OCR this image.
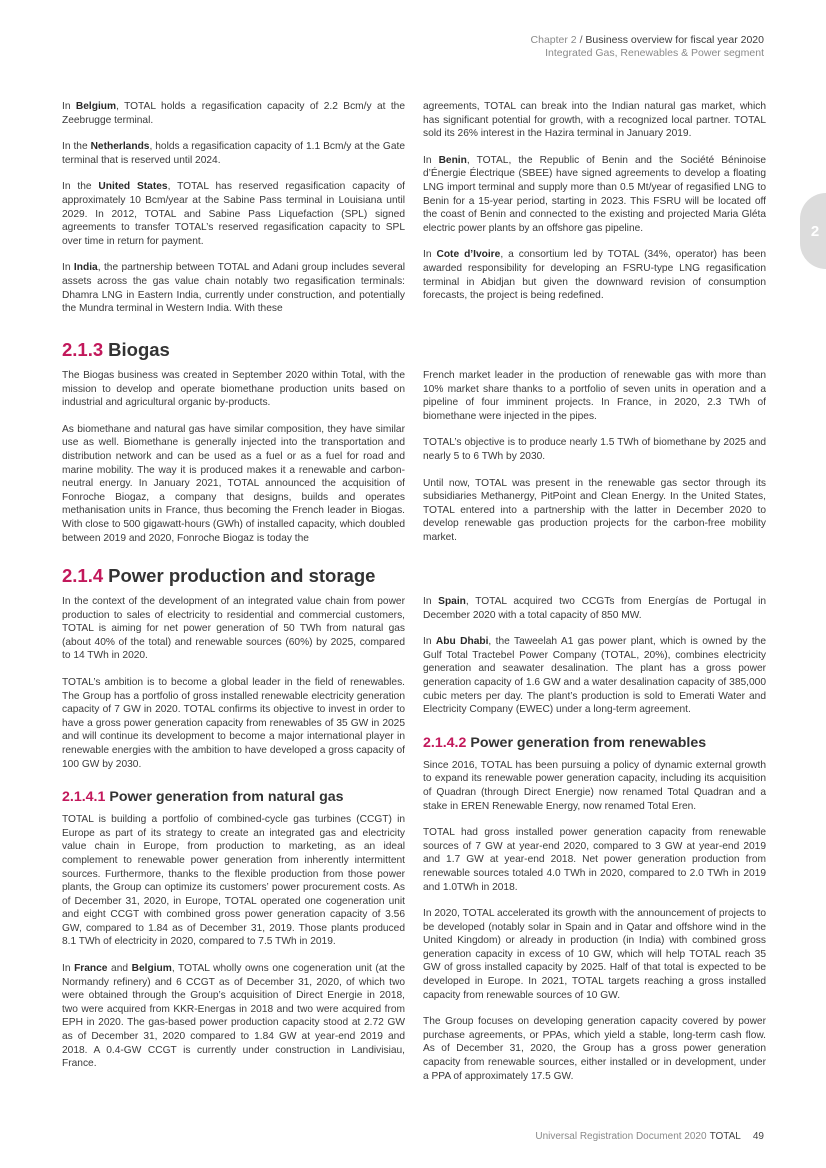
Chapter 2 / Business overview for fiscal year 2020
Integrated Gas, Renewables & Power segment
2

In Belgium, TOTAL holds a regasification capacity of 2.2 Bcm/y at the Zeebrugge terminal.

In the Netherlands, holds a regasification capacity of 1.1 Bcm/y at the Gate terminal that is reserved until 2024.

In the United States, TOTAL has reserved regasification capacity of approximately 10 Bcm/year at the Sabine Pass terminal in Louisiana until 2029. In 2012, TOTAL and Sabine Pass Liquefaction (SPL) signed agreements to transfer TOTAL’s reserved regasification capacity to SPL over time in return for payment.

In India, the partnership between TOTAL and Adani group includes several assets across the gas value chain notably two regasification terminals: Dhamra LNG in Eastern India, currently under construction, and potentially the Mundra terminal in Western India. With these

agreements, TOTAL can break into the Indian natural gas market, which has significant potential for growth, with a recognized local partner. TOTAL sold its 26% interest in the Hazira terminal in January 2019.

In Benin, TOTAL, the Republic of Benin and the Société Béninoise d’Énergie Électrique (SBEE) have signed agreements to develop a floating LNG import terminal and supply more than 0.5 Mt/year of regasified LNG to Benin for a 15-year period, starting in 2023. This FSRU will be located off the coast of Benin and connected to the existing and projected Maria Gléta electric power plants by an offshore gas pipeline.

In Cote d’Ivoire, a consortium led by TOTAL (34%, operator) has been awarded responsibility for developing an FSRU-type LNG regasification terminal in Abidjan but given the downward revision of consumption forecasts, the project is being redefined.

2.1.3 Biogas

The Biogas business was created in September 2020 within Total, with the mission to develop and operate biomethane production units based on industrial and agricultural organic by-products.

As biomethane and natural gas have similar composition, they have similar use as well. Biomethane is generally injected into the transportation and distribution network and can be used as a fuel or as a fuel for road and marine mobility. The way it is produced makes it a renewable and carbon-neutral energy. In January 2021, TOTAL announced the acquisition of Fonroche Biogaz, a company that designs, builds and operates methanisation units in France, thus becoming the French leader in Biogas. With close to 500 gigawatt-hours (GWh) of installed capacity, which doubled between 2019 and 2020, Fonroche Biogaz is today the

French market leader in the production of renewable gas with more than 10% market share thanks to a portfolio of seven units in operation and a pipeline of four imminent projects. In France, in 2020, 2.3 TWh of biomethane were injected in the pipes.

TOTAL’s objective is to produce nearly 1.5 TWh of biomethane by 2025 and nearly 5 to 6 TWh by 2030.

Until now, TOTAL was present in the renewable gas sector through its subsidiaries Methanergy, PitPoint and Clean Energy. In the United States, TOTAL entered into a partnership with the latter in December 2020 to develop renewable gas production projects for the carbon-free mobility market.

2.1.4 Power production and storage

In the context of the development of an integrated value chain from power production to sales of electricity to residential and commercial customers, TOTAL is aiming for net power generation of 50 TWh from natural gas (about 40% of the total) and renewable sources (60%) by 2025, compared to 14 TWh in 2020.

TOTAL’s ambition is to become a global leader in the field of renewables. The Group has a portfolio of gross installed renewable electricity generation capacity of 7 GW in 2020. TOTAL confirms its objective to invest in order to have a gross power generation capacity from renewables of 35 GW in 2025 and will continue its development to become a major international player in renewable energies with the ambition to have developed a gross capacity of 100 GW by 2030.

2.1.4.1 Power generation from natural gas

TOTAL is building a portfolio of combined-cycle gas turbines (CCGT) in Europe as part of its strategy to create an integrated gas and electricity value chain in Europe, from production to marketing, as an ideal complement to renewable power generation from inherently intermittent sources. Furthermore, thanks to the flexible production from those power plants, the Group can optimize its customers’ power procurement costs. As of December 31, 2020, in Europe, TOTAL operated one cogeneration unit and eight CCGT with combined gross power generation capacity of 3.56 GW, compared to 1.84 as of December 31, 2019. Those plants produced 8.1 TWh of electricity in 2020, compared to 7.5 TWh in 2019.

In France and Belgium, TOTAL wholly owns one cogeneration unit (at the Normandy refinery) and 6 CCGT as of December 31, 2020, of which two were obtained through the Group’s acquisition of Direct Energie in 2018, two were acquired from KKR-Energas in 2018 and two were acquired from EPH in 2020. The gas-based power production capacity stood at 2.72 GW as of December 31, 2020 compared to 1.84 GW at year-end 2019 and 2018. A 0.4-GW CCGT is currently under construction in Landivisiau, France.

In Spain, TOTAL acquired two CCGTs from Energías de Portugal in December 2020 with a total capacity of 850 MW.

In Abu Dhabi, the Taweelah A1 gas power plant, which is owned by the Gulf Total Tractebel Power Company (TOTAL, 20%), combines electricity generation and seawater desalination. The plant has a gross power generation capacity of 1.6 GW and a water desalination capacity of 385,000 cubic meters per day. The plant’s production is sold to Emerati Water and Electricity Company (EWEC) under a long-term agreement.

2.1.4.2 Power generation from renewables

Since 2016, TOTAL has been pursuing a policy of dynamic external growth to expand its renewable power generation capacity, including its acquisition of Quadran (through Direct Energie) now renamed Total Quadran and a stake in EREN Renewable Energy, now renamed Total Eren.

TOTAL had gross installed power generation capacity from renewable sources of 7 GW at year-end 2020, compared to 3 GW at year-end 2019 and 1.7 GW at year-end 2018. Net power generation production from renewable sources totaled 4.0 TWh in 2020, compared to 2.0 TWh in 2019 and 1.0TWh in 2018.

In 2020, TOTAL accelerated its growth with the announcement of projects to be developed (notably solar in Spain and in Qatar and offshore wind in the United Kingdom) or already in production (in India) with combined gross generation capacity in excess of 10 GW, which will help TOTAL reach 35 GW of gross installed capacity by 2025. Half of that total is expected to be developed in Europe. In 2021, TOTAL targets reaching a gross installed capacity from renewable sources of 10 GW.

The Group focuses on developing generation capacity covered by power purchase agreements, or PPAs, which yield a stable, long-term cash flow. As of December 31, 2020, the Group has a gross power generation capacity from renewable sources, either installed or in development, under a PPA of approximately 17.5 GW.

Universal Registration Document 2020 TOTAL 49
